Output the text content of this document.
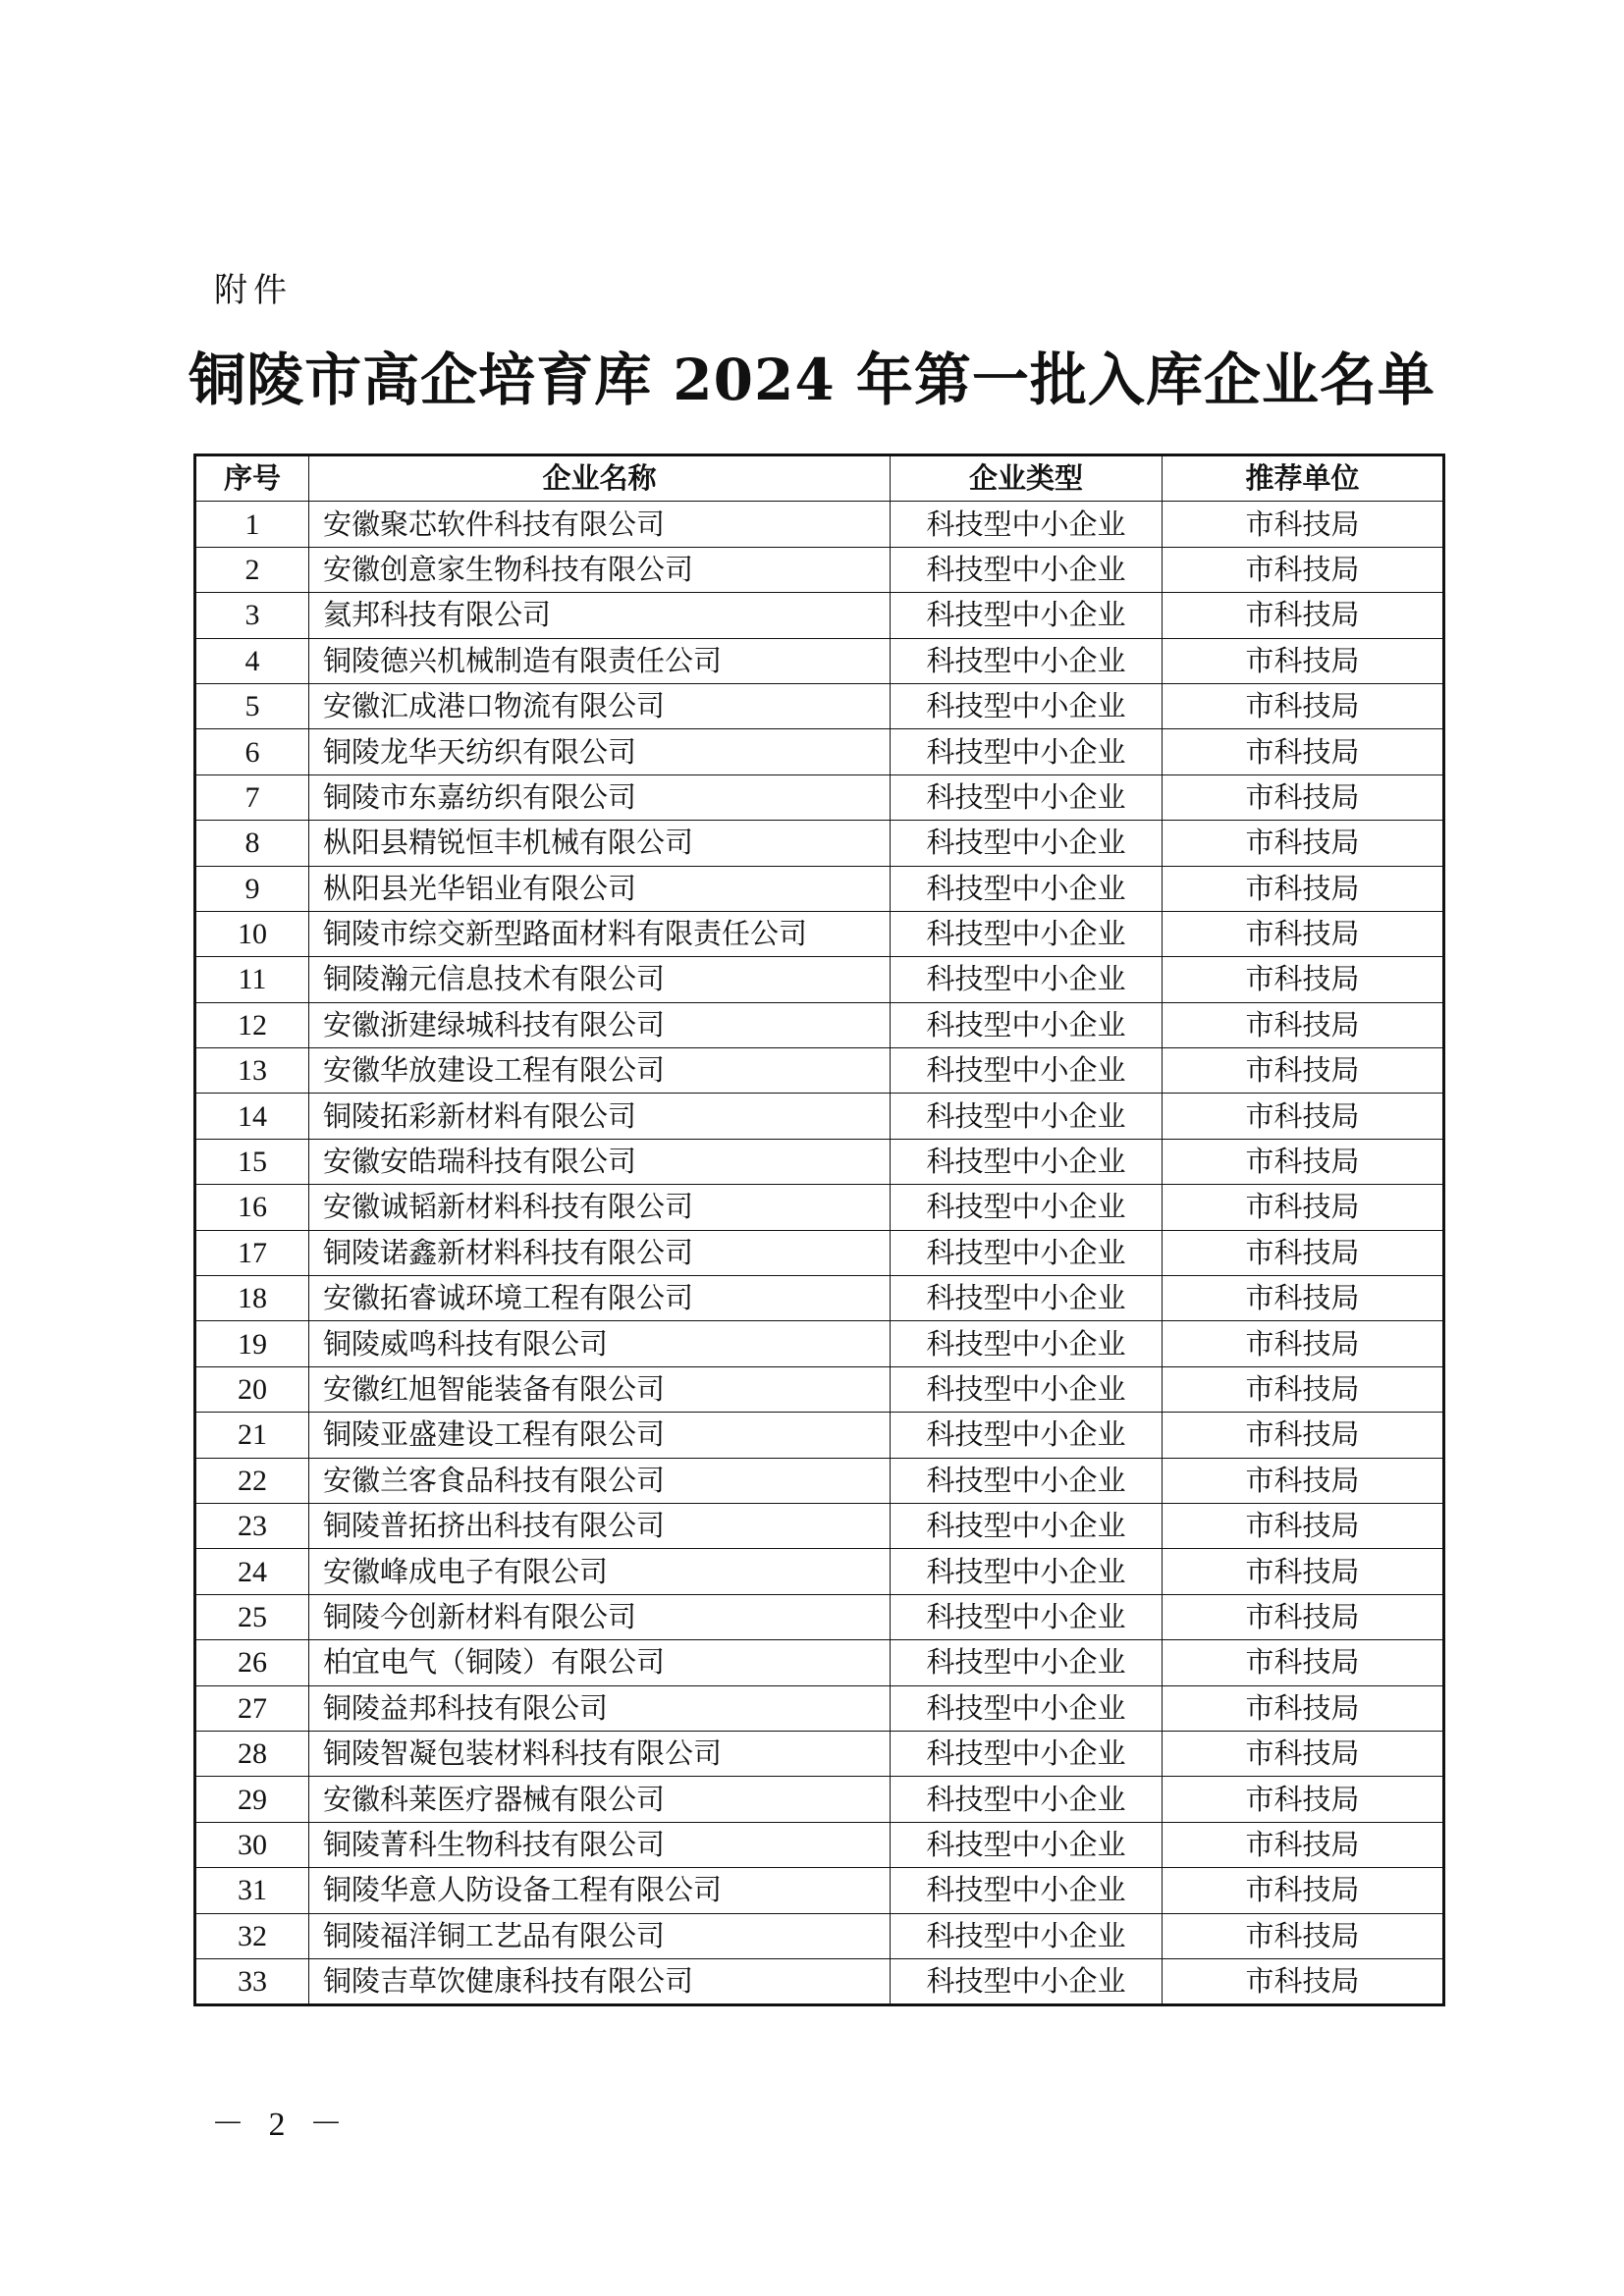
附件
铜陵市高企培育库 2024 年第一批入库企业名单
序号	企业名称	企业类型	推荐单位
1	安徽聚芯软件科技有限公司	科技型中小企业	市科技局
2	安徽创意家生物科技有限公司	科技型中小企业	市科技局
3	氦邦科技有限公司	科技型中小企业	市科技局
4	铜陵德兴机械制造有限责任公司	科技型中小企业	市科技局
5	安徽汇成港口物流有限公司	科技型中小企业	市科技局
6	铜陵龙华天纺织有限公司	科技型中小企业	市科技局
7	铜陵市东嘉纺织有限公司	科技型中小企业	市科技局
8	枞阳县精锐恒丰机械有限公司	科技型中小企业	市科技局
9	枞阳县光华铝业有限公司	科技型中小企业	市科技局
10	铜陵市综交新型路面材料有限责任公司	科技型中小企业	市科技局
11	铜陵瀚元信息技术有限公司	科技型中小企业	市科技局
12	安徽浙建绿城科技有限公司	科技型中小企业	市科技局
13	安徽华放建设工程有限公司	科技型中小企业	市科技局
14	铜陵拓彩新材料有限公司	科技型中小企业	市科技局
15	安徽安皓瑞科技有限公司	科技型中小企业	市科技局
16	安徽诚韬新材料科技有限公司	科技型中小企业	市科技局
17	铜陵诺鑫新材料科技有限公司	科技型中小企业	市科技局
18	安徽拓睿诚环境工程有限公司	科技型中小企业	市科技局
19	铜陵威鸣科技有限公司	科技型中小企业	市科技局
20	安徽红旭智能装备有限公司	科技型中小企业	市科技局
21	铜陵亚盛建设工程有限公司	科技型中小企业	市科技局
22	安徽兰客食品科技有限公司	科技型中小企业	市科技局
23	铜陵普拓挤出科技有限公司	科技型中小企业	市科技局
24	安徽峰成电子有限公司	科技型中小企业	市科技局
25	铜陵今创新材料有限公司	科技型中小企业	市科技局
26	柏宜电气（铜陵）有限公司	科技型中小企业	市科技局
27	铜陵益邦科技有限公司	科技型中小企业	市科技局
28	铜陵智凝包装材料科技有限公司	科技型中小企业	市科技局
29	安徽科莱医疗器械有限公司	科技型中小企业	市科技局
30	铜陵菁科生物科技有限公司	科技型中小企业	市科技局
31	铜陵华意人防设备工程有限公司	科技型中小企业	市科技局
32	铜陵福洋铜工艺品有限公司	科技型中小企业	市科技局
33	铜陵吉草饮健康科技有限公司	科技型中小企业	市科技局
－ 2 －
